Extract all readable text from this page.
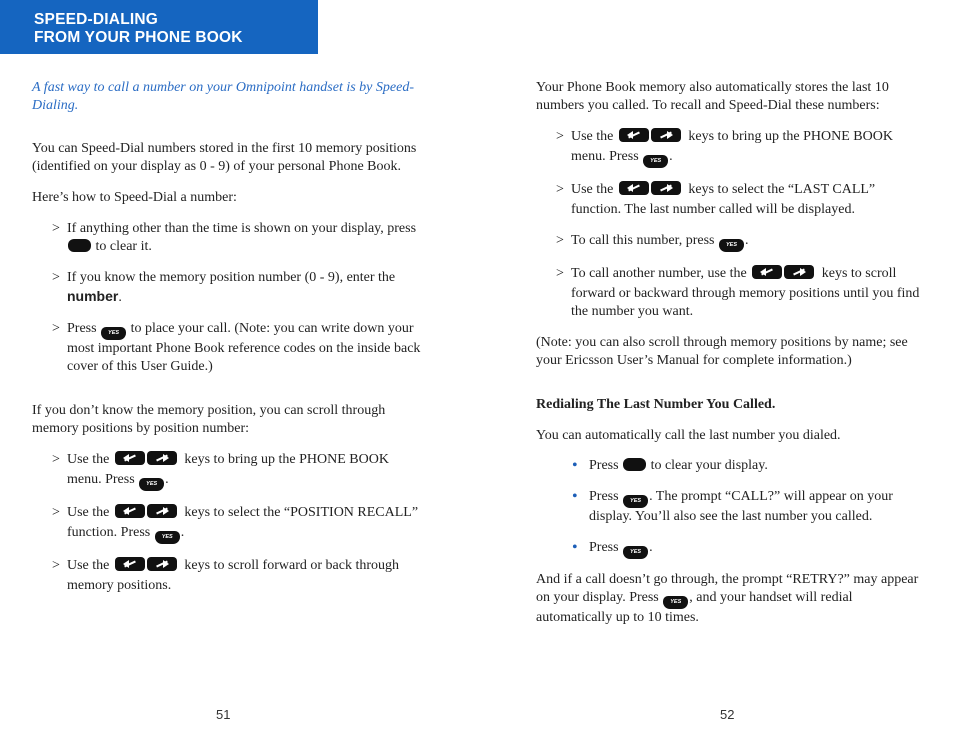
SPEED-DIALING
FROM YOUR PHONE BOOK

A fast way to call a number on your Omnipoint handset is by Speed-Dialing.

You can Speed-Dial numbers stored in the first 10 memory positions (identified on your display as 0 - 9) of your personal Phone Book.

Here’s how to Speed-Dial a number:

> If anything other than the time is shown on your display, press  to clear it.
> If you know the memory position number (0 - 9), enter the number.
> Press YES to place your call. (Note: you can write down your most important Phone Book reference codes on the inside back cover of this User Guide.)

If you don’t know the memory position, you can scroll through memory positions by position number:

> Use the	keys to bring up the PHONE BOOK menu. Press YES .
> Use the	keys to select the “POSITION RECALL” function. Press YES .
> Use the	keys to scroll forward or back through memory positions.

Your Phone Book memory also automatically stores the last 10 numbers you called. To recall and Speed-Dial these numbers:

> Use the	keys to bring up the PHONE BOOK menu. Press YES .
> Use the	keys to select the “LAST CALL” function. The last number called will be displayed.
> To call this number, press YES .
> To call another number, use the	keys to scroll forward or backward through memory positions until you find the number you want.

(Note: you can also scroll through memory positions by name; see your Ericsson User’s Manual for complete information.)

Redialing The Last Number You Called.

You can automatically call the last number you dialed.

• Press to clear your display.
• Press YES . The prompt “CALL?” will appear on your display. You’ll also see the last number you called.
• Press YES .

And if a call doesn’t go through, the prompt “RETRY?” may appear on your display. Press YES , and your handset will redial automatically up to 10 times.

51	52
